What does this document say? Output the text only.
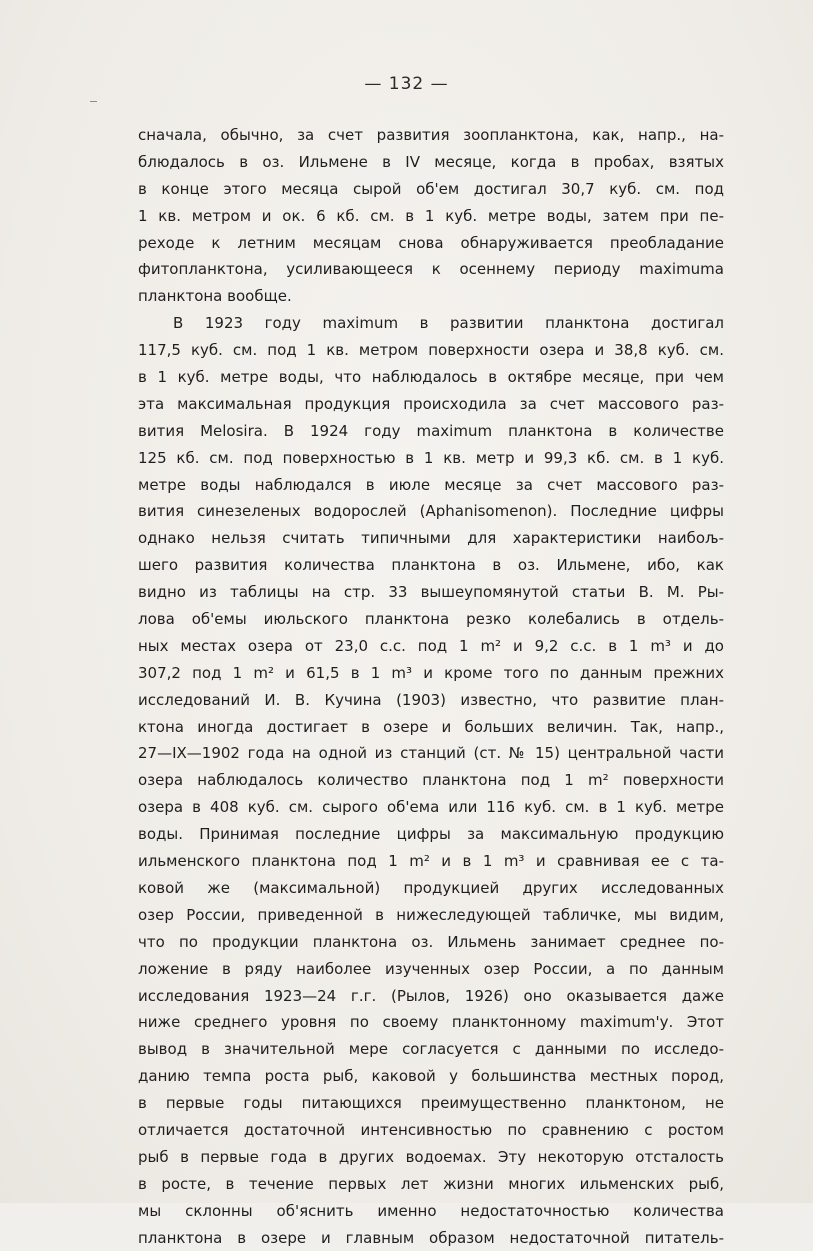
— 132 —
сначала, обычно, за счет развития зоопланктона, как, напр., на-
блюдалось в оз. Ильмене в IV месяце, когда в пробах, взятых
в конце этого месяца сырой об'ем достигал 30,7 куб. см. под
1 кв. метром и ок. 6 кб. см. в 1 куб. метре воды, затем при пе-
реходе к летним месяцам снова обнаруживается преобладание
фитопланктона, усиливающееся к осеннему периоду maximuma
планктона вообще.
В 1923 году maximum в развитии планктона достигал
117,5 куб. см. под 1 кв. метром поверхности озера и 38,8 куб. см.
в 1 куб. метре воды, что наблюдалось в октябре месяце, при чем
эта максимальная продукция происходила за счет массового раз-
вития Melosira. В 1924 году maximum планктона в количестве
125 кб. см. под поверхностью в 1 кв. метр и 99,3 кб. см. в 1 куб.
метре воды наблюдался в июле месяце за счет массового раз-
вития синезеленых водорослей (Aphanisomenon). Последние цифры
однако нельзя считать типичными для характеристики наибољ-
шего развития количества планктона в оз. Ильмене, ибо, как
видно из таблицы на стр. 33 вышеупомянутой статьи В. М. Ры-
лова об'емы июльского планктона резко колебались в отдель-
ных местах озера от 23,0 с.с. под 1 m² и 9,2 с.с. в 1 m³ и до
307,2 под 1 m² и 61,5 в 1 m³ и кроме того по данным прежних
исследований И. В. Кучина (1903) известно, что развитие план-
ктона иногда достигает в озере и больших величин. Так, напр.,
27—IX—1902 года на одной из станций (ст. № 15) центральной части
озера наблюдалось количество планктона под 1 m² поверхности
озера в 408 куб. см. сырого об'ема или 116 куб. см. в 1 куб. метре
воды. Принимая последние цифры за максимальную продукцию
ильменского планктона под 1 m² и в 1 m³ и сравнивая ее с та-
ковой же (максимальной) продукцией других исследованных
озер России, приведенной в нижеследующей табличке, мы видим,
что по продукции планктона оз. Ильмень занимает среднее по-
ложение в ряду наиболее изученных озер России, а по данным
исследования 1923—24 г.г. (Рылов, 1926) оно оказывается даже
ниже среднего уровня по своему планктонному maximum'у. Этот
вывод в значительной мере согласуется с данными по исследо-
данию темпа роста рыб, каковой у большинства местных пород,
в первые годы питающихся преимущественно планктоном, не
отличается достаточной интенсивностью по сравнению с ростом
рыб в первые года в других водоемах. Эту некоторую отсталость
в росте, в течение первых лет жизни многих ильменских рыб,
мы склонны об'яснить именно недостаточностью количества
планктона в озере и главным образом недостаточной питатель-
